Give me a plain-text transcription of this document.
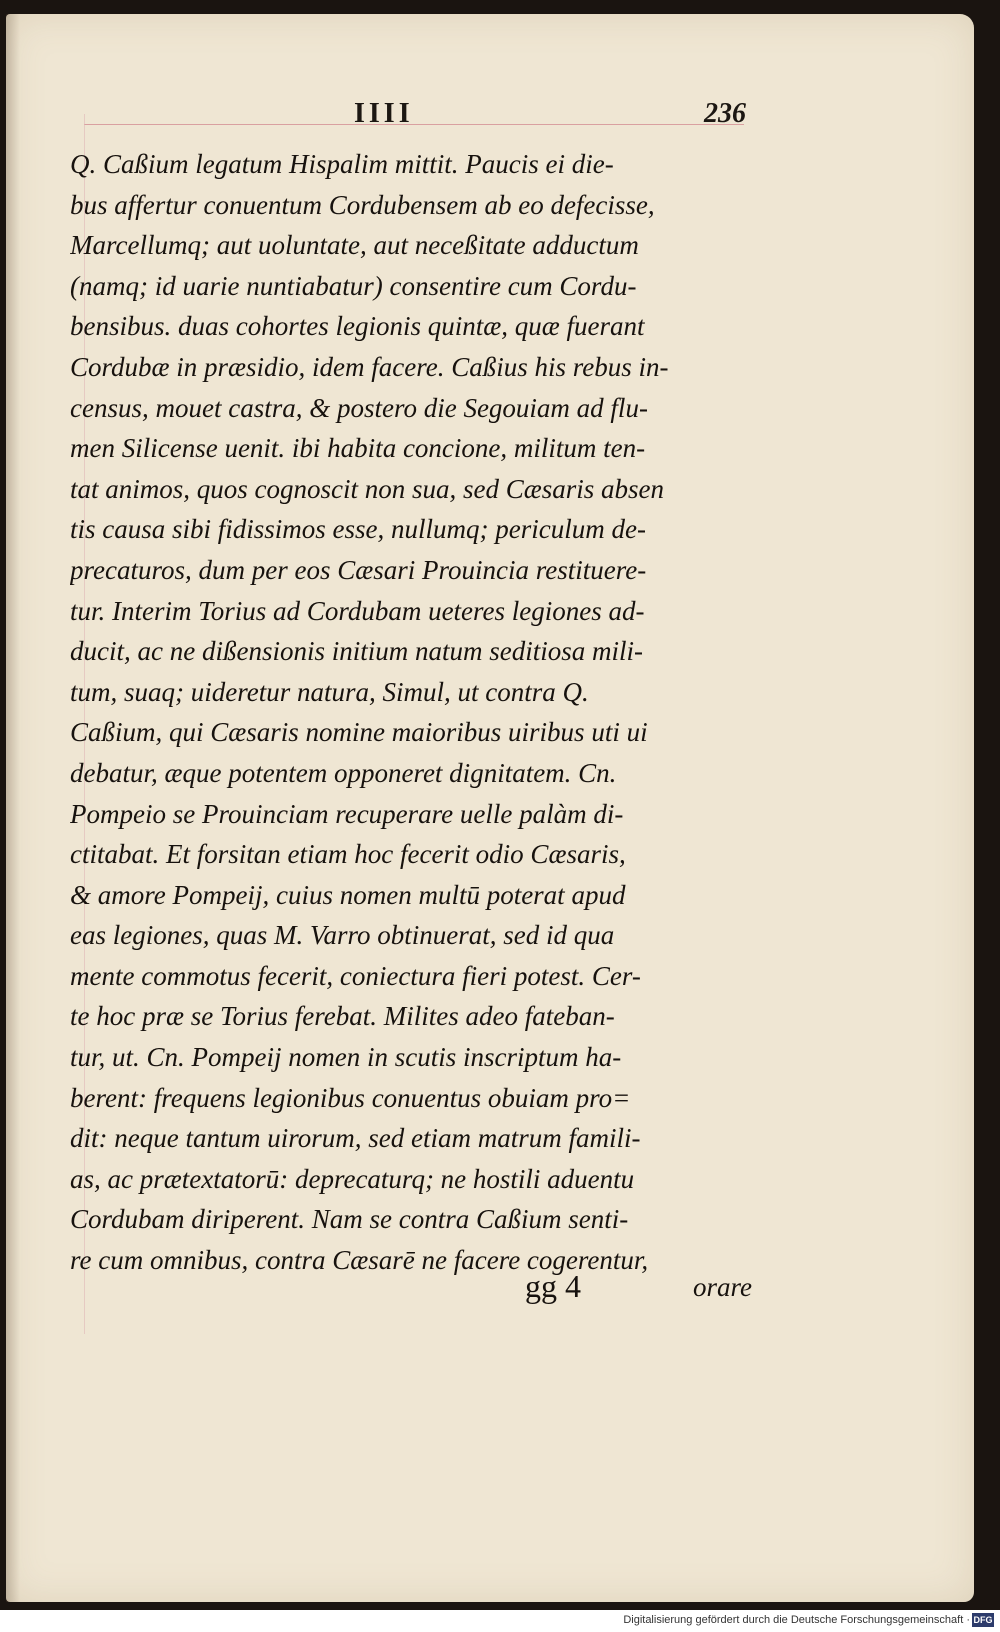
IIII	236
Q. Caßium legatum Hispalim mittit. Paucis ei die-
bus affertur conuentum Cordubensem ab eo defecisse,
Marcellumq; aut uoluntate, aut neceßitate adductum
(namq; id uarie nuntiabatur) consentire cum Cordu-
bensibus. duas cohortes legionis quintæ, quæ fuerant
Cordubæ in præsidio, idem facere. Caßius his rebus in-
census, mouet castra, & postero die Segouiam ad flu-
men Silicense uenit. ibi habita concione, militum ten-
tat animos, quos cognoscit non sua, sed Cæsaris absen
tis causa sibi fidissimos esse, nullumq; periculum de-
precaturos, dum per eos Cæsari Prouincia restituere-
tur. Interim Torius ad Cordubam ueteres legiones ad-
ducit, ac ne dißensionis initium natum seditiosa mili-
tum, suaq; uideretur natura, Simul, ut contra Q.
Caßium, qui Cæsaris nomine maioribus uiribus uti ui
debatur, æque potentem opponeret dignitatem. Cn.
Pompeio se Prouinciam recuperare uelle palàm di-
ctitabat. Et forsitan etiam hoc fecerit odio Cæsaris,
& amore Pompeij, cuius nomen multū poterat apud
eas legiones, quas M. Varro obtinuerat, sed id qua
mente commotus fecerit, coniectura fieri potest. Cer-
te hoc præ se Torius ferebat. Milites adeo fateban-
tur, ut. Cn. Pompeij nomen in scutis inscriptum ha-
berent: frequens legionibus conuentus obuiam pro=
dit: neque tantum uirorum, sed etiam matrum famili-
as, ac prætextatorū: deprecaturq; ne hostili aduentu
Cordubam diriperent. Nam se contra Caßium senti-
re cum omnibus, contra Cæsarē ne facere cogerentur,
gg 4	orare
Digitalisierung gefördert durch die Deutsche Forschungsgemeinschaft · DFG
